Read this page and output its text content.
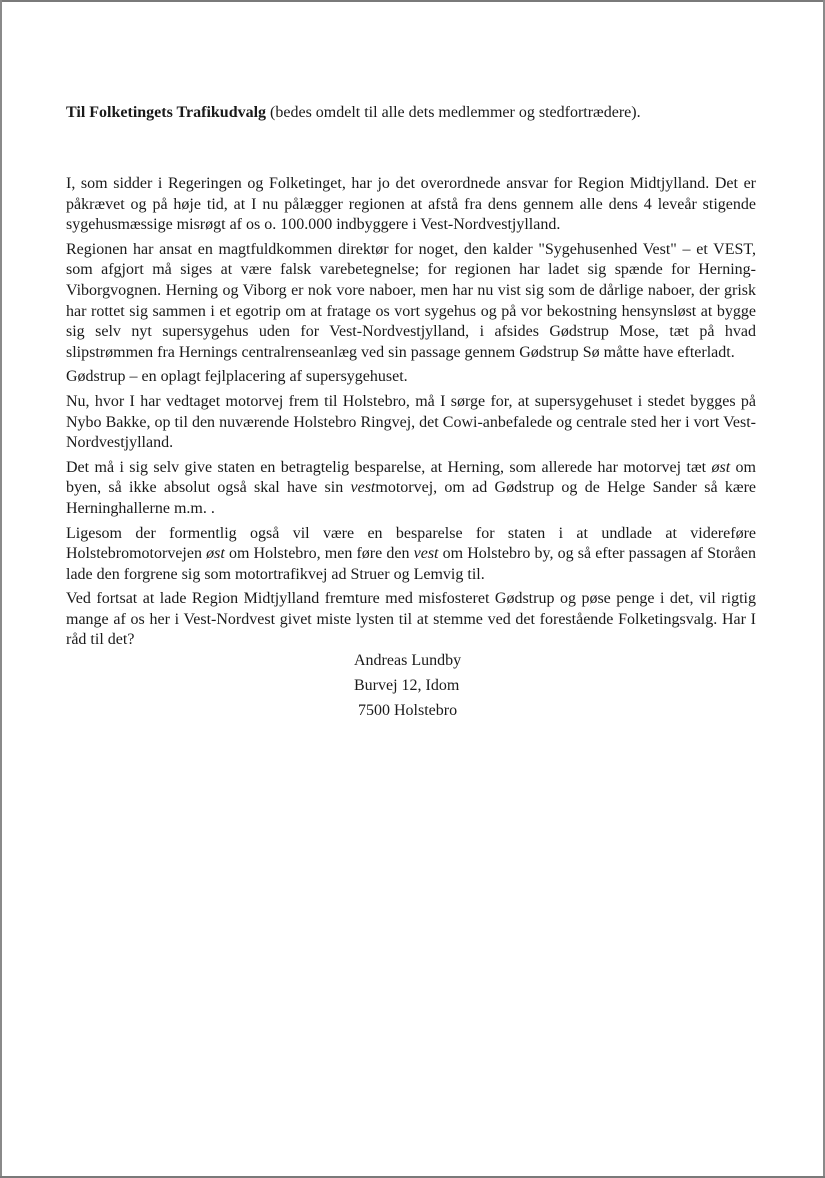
Til Folketingets Trafikudvalg (bedes omdelt til alle dets medlemmer og stedfortrædere).

I, som sidder i Regeringen og Folketinget, har jo det overordnede ansvar for Region Midtjylland. Det er påkrævet og på høje tid, at I nu pålægger regionen at afstå fra dens gennem alle dens 4 leveår stigende sygehusmæssige misrøgt af os o. 100.000 indbyggere i Vest-Nordvestjylland.

Regionen har ansat en magtfuldkommen direktør for noget, den kalder "Sygehusenhed Vest" – et VEST, som afgjort må siges at være falsk varebetegnelse; for regionen har ladet sig spænde for Herning-Viborgvognen. Herning og Viborg er nok vore naboer, men har nu vist sig som de dårlige naboer, der grisk har rottet sig sammen i et egotrip om at fratage os vort sygehus og på vor bekostning hensynsløst at bygge sig selv nyt supersygehus uden for Vest-Nordvestjylland, i afsides Gødstrup Mose, tæt på hvad slipstrømmen fra Hernings centralrenseanlæg ved sin passage gennem Gødstrup Sø måtte have efterladt.

Gødstrup – en oplagt fejlplacering af supersygehuset.

Nu, hvor I har vedtaget motorvej frem til Holstebro, må I sørge for, at supersygehuset i stedet bygges på Nybo Bakke, op til den nuværende Holstebro Ringvej, det Cowi-anbefalede og centrale sted her i vort Vest-Nordvestjylland.

Det må i sig selv give staten en betragtelig besparelse, at Herning, som allerede har motorvej tæt øst om byen, så ikke absolut også skal have sin vestmotorvej, om ad Gødstrup og de Helge Sander så kære Herninghallerne m.m. .

Ligesom der formentlig også vil være en besparelse for staten i at undlade at videreføre Holstebromotorvejen øst om Holstebro, men føre den vest om Holstebro by, og så efter passagen af Storåen lade den forgrene sig som motortrafikvej ad Struer og Lemvig til.

Ved fortsat at lade Region Midtjylland fremture med misfosteret Gødstrup og pøse penge i det, vil rigtig mange af os her i Vest-Nordvest givet miste lysten til at stemme ved det forestående Folketingsvalg. Har I råd til det?

Andreas Lundby
Burvej 12, Idom
7500 Holstebro
